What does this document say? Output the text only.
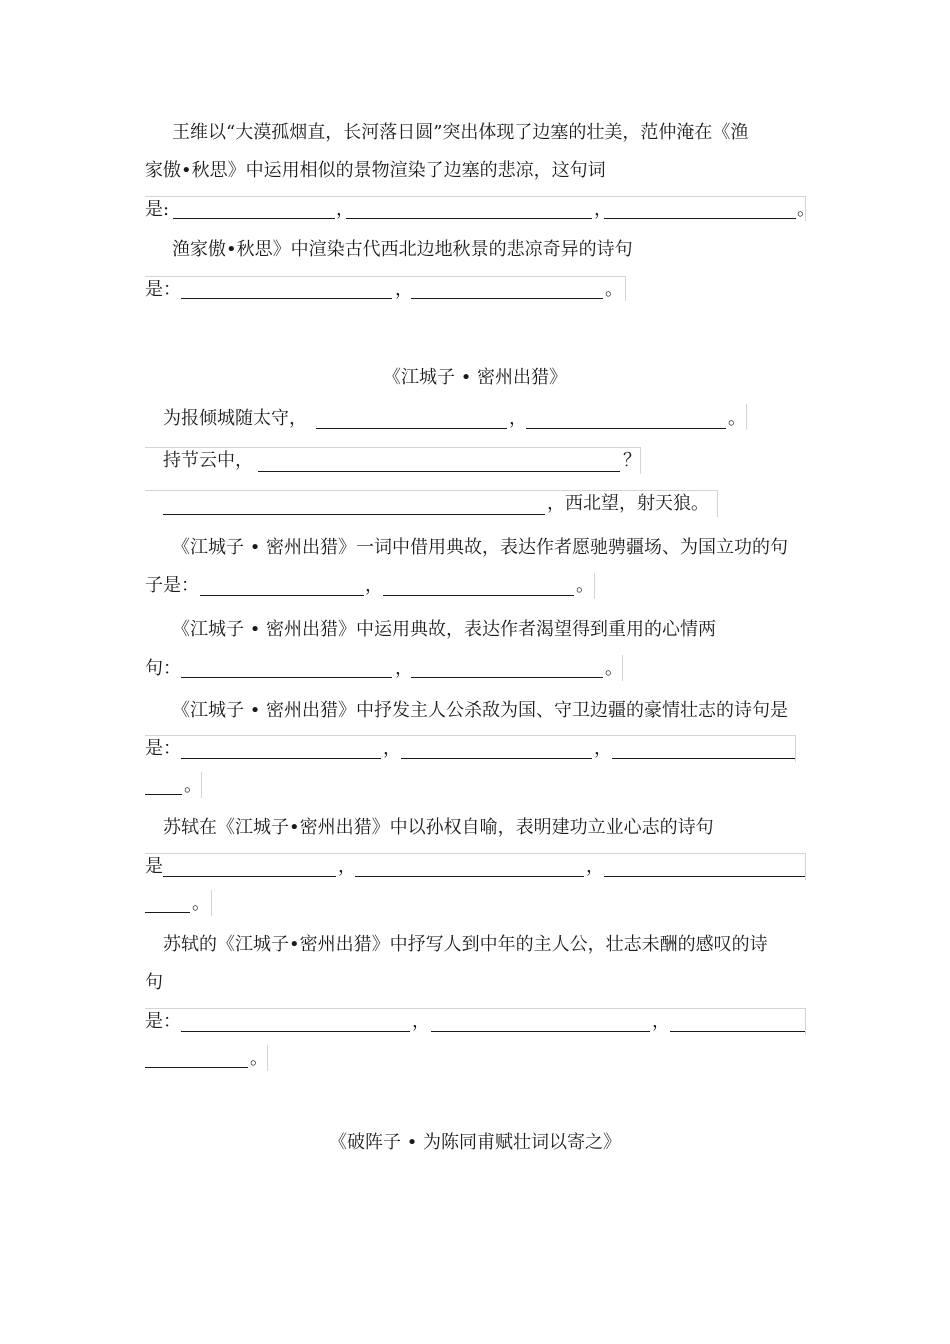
王维以“大漠孤烟直，长河落日圆”突出体现了边塞的壮美，范仲淹在《渔
家傲•秋思》中运用相似的景物渲染了边塞的悲凉，这句词
是:	，	，	。
渔家傲•秋思》中渲染古代西北边地秋景的悲凉奇异的诗句
是：	，	。
《江城子 • 密州出猎》
为报倾城随太守，	，	。
持节云中，	？
，西北望，射天狼。
《江城子 • 密州出猎》一词中借用典故，表达作者愿驰骋疆场、为国立功的句
子是：	，	。
《江城子 • 密州出猎》中运用典故，表达作者渴望得到重用的心情两
句：	，	。
《江城子 • 密州出猎》中抒发主人公杀敌为国、守卫边疆的豪情壮志的诗句是
是：	，	，
。
苏轼在《江城子•密州出猎》中以孙权自喻，表明建功立业心志的诗句
是	，	，
。
苏轼的《江城子•密州出猎》中抒写人到中年的主人公，壮志未酬的感叹的诗
句
是：	，	，
。
《破阵子 • 为陈同甫赋壮词以寄之》
